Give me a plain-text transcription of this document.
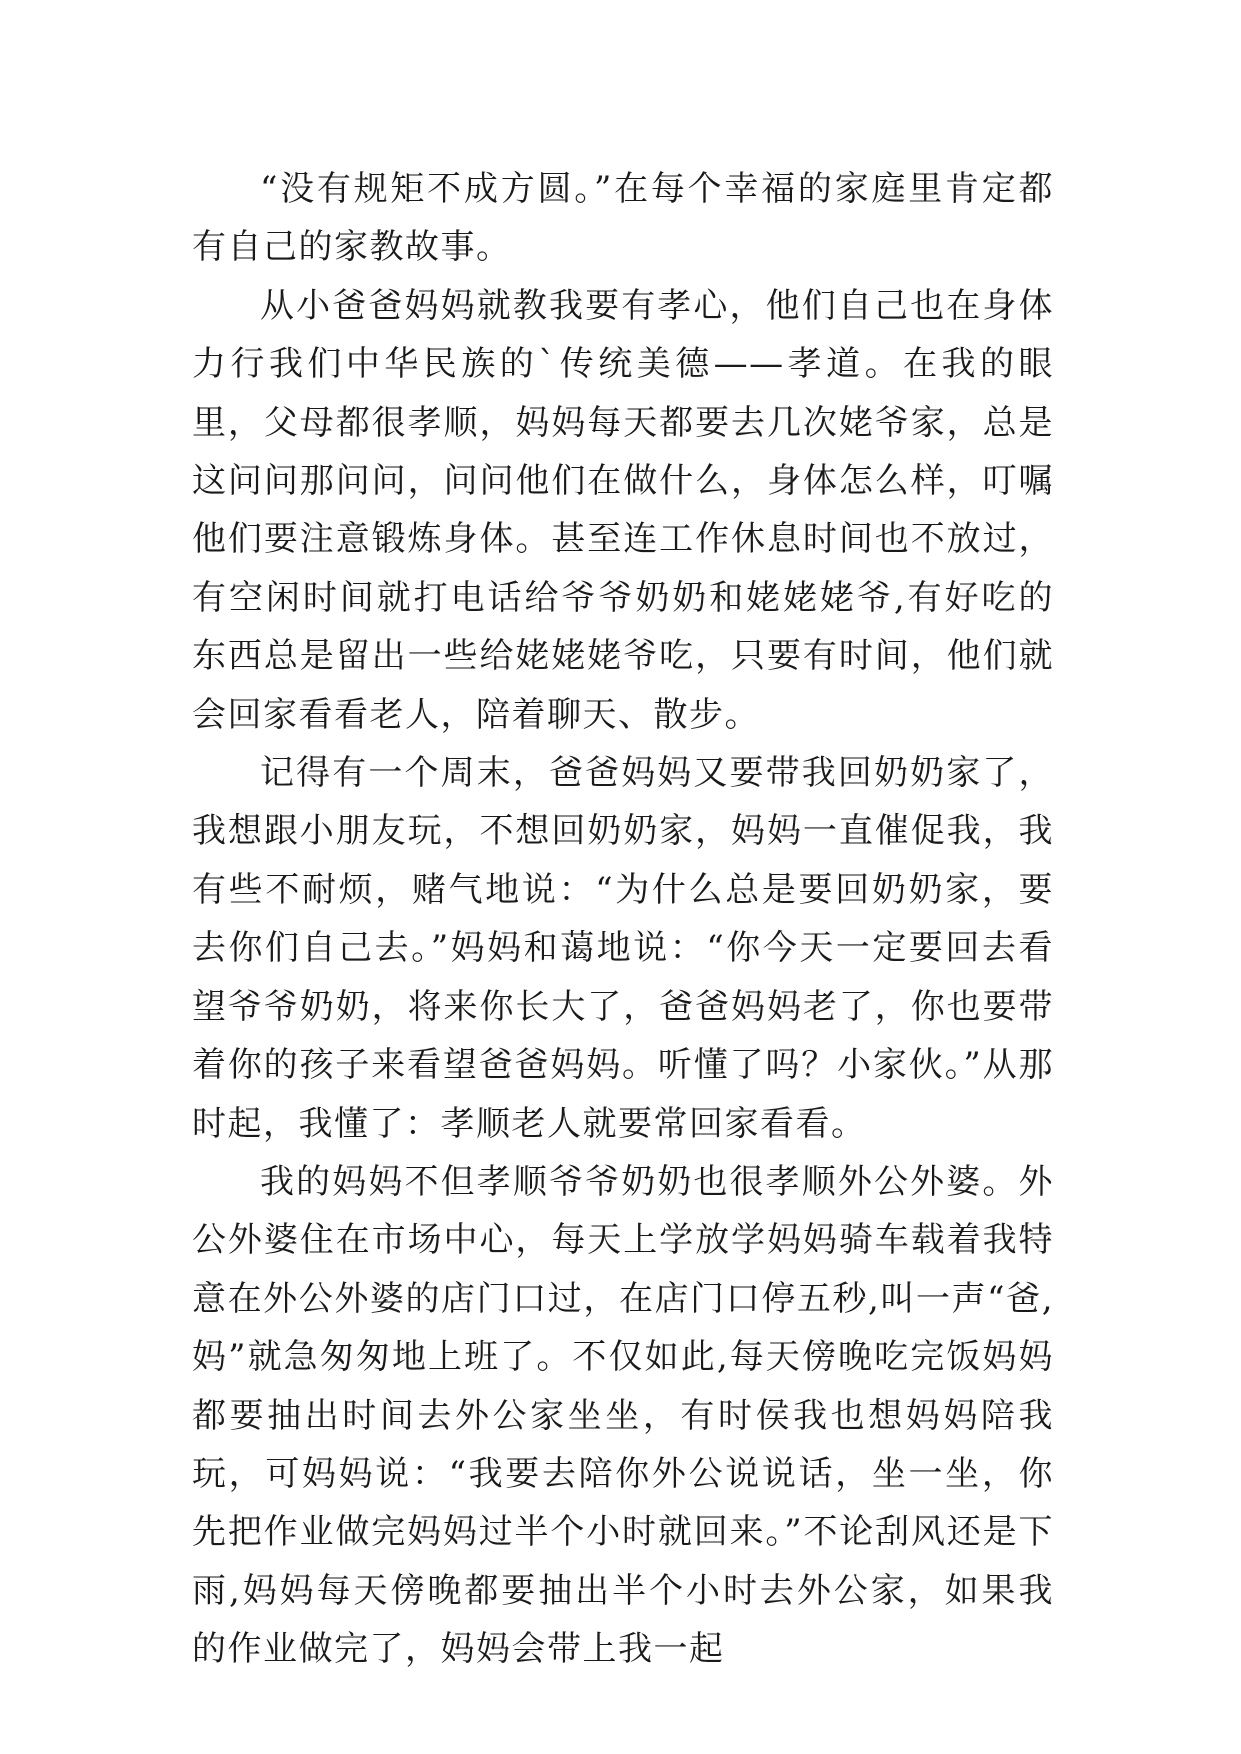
“没有规矩不成方圆。”在每个幸福的家庭里肯定都有自己的家教故事。

从小爸爸妈妈就教我要有孝心，他们自己也在身体力行我们中华民族的`传统美德——孝道。在我的眼里，父母都很孝顺，妈妈每天都要去几次姥爷家，总是这问问那问问，问问他们在做什么，身体怎么样，叮嘱他们要注意锻炼身体。甚至连工作休息时间也不放过，有空闲时间就打电话给爷爷奶奶和姥姥姥爷,有好吃的东西总是留出一些给姥姥姥爷吃，只要有时间，他们就会回家看看老人，陪着聊天、散步。

记得有一个周末，爸爸妈妈又要带我回奶奶家了，我想跟小朋友玩，不想回奶奶家，妈妈一直催促我，我有些不耐烦，赌气地说：“为什么总是要回奶奶家，要去你们自己去。”妈妈和蔼地说：“你今天一定要回去看望爷爷奶奶，将来你长大了，爸爸妈妈老了，你也要带着你的孩子来看望爸爸妈妈。听懂了吗？小家伙。”从那时起，我懂了：孝顺老人就要常回家看看。

我的妈妈不但孝顺爷爷奶奶也很孝顺外公外婆。外公外婆住在市场中心，每天上学放学妈妈骑车载着我特意在外公外婆的店门口过，在店门口停五秒,叫一声“爸,妈”就急匆匆地上班了。不仅如此,每天傍晚吃完饭妈妈都要抽出时间去外公家坐坐，有时侯我也想妈妈陪我玩，可妈妈说：“我要去陪你外公说说话，坐一坐，你先把作业做完妈妈过半个小时就回来。”不论刮风还是下雨,妈妈每天傍晚都要抽出半个小时去外公家，如果我的作业做完了，妈妈会带上我一起
